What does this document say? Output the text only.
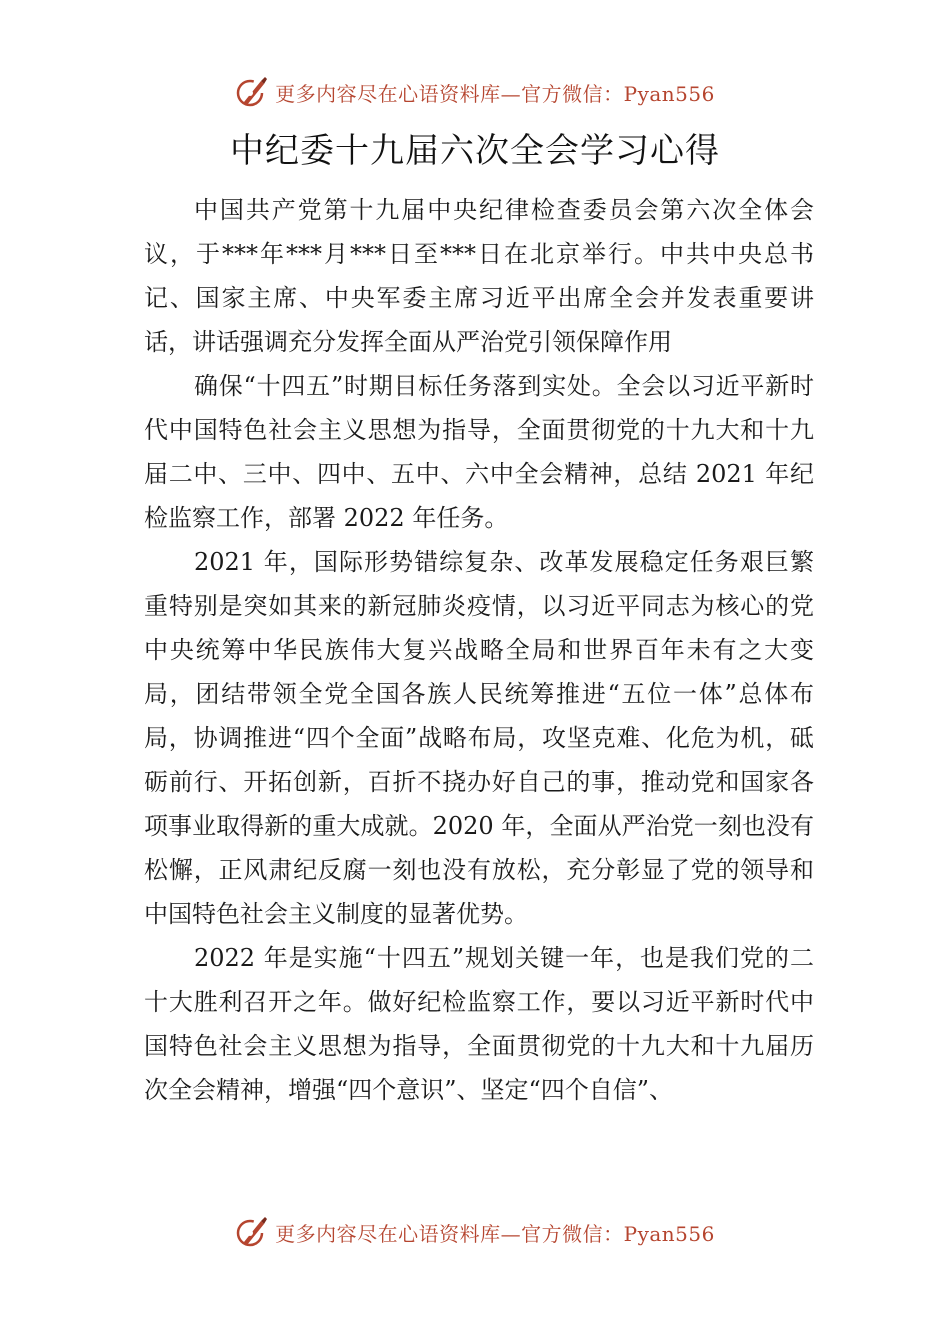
更多内容尽在心语资料库—官方微信：Pyan556
中纪委十九届六次全会学习心得

中国共产党第十九届中央纪律检查委员会第六次全体会议，于***年***月***日至***日在北京举行。中共中央总书记、国家主席、中央军委主席习近平出席全会并发表重要讲话，讲话强调充分发挥全面从严治党引领保障作用

确保“十四五”时期目标任务落到实处。全会以习近平新时代中国特色社会主义思想为指导，全面贯彻党的十九大和十九届二中、三中、四中、五中、六中全会精神，总结 2021 年纪检监察工作，部署 2022 年任务。

2021 年，国际形势错综复杂、改革发展稳定任务艰巨繁重特别是突如其来的新冠肺炎疫情，以习近平同志为核心的党中央统筹中华民族伟大复兴战略全局和世界百年未有之大变局，团结带领全党全国各族人民统筹推进“五位一体”总体布局，协调推进“四个全面”战略布局，攻坚克难、化危为机，砥砺前行、开拓创新，百折不挠办好自己的事，推动党和国家各项事业取得新的重大成就。2020 年，全面从严治党一刻也没有松懈，正风肃纪反腐一刻也没有放松，充分彰显了党的领导和中国特色社会主义制度的显著优势。

2022 年是实施“十四五”规划关键一年，也是我们党的二十大胜利召开之年。做好纪检监察工作，要以习近平新时代中国特色社会主义思想为指导，全面贯彻党的十九大和十九届历次全会精神，增强“四个意识”、坚定“四个自信”、

更多内容尽在心语资料库—官方微信：Pyan556
